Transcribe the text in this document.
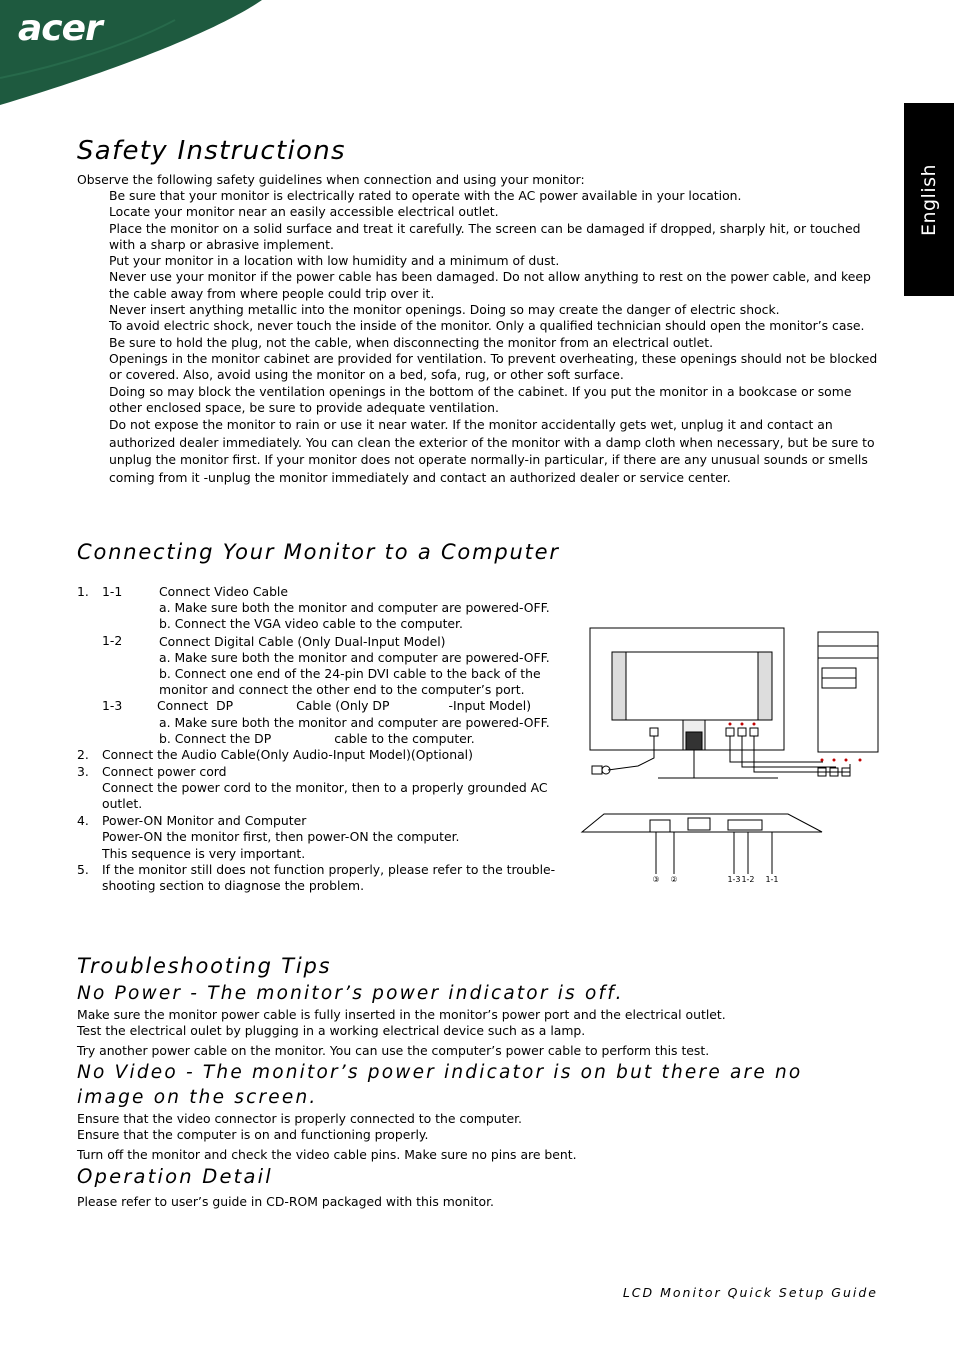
acer
English
Safety Instructions
Observe the following safety guidelines when connection and using your monitor:
Be sure that your monitor is electrically rated to operate with the AC power available in your location.
Locate your monitor near an easily accessible electrical outlet.
Place the monitor on a solid surface and treat it carefully. The screen can be damaged if dropped, sharply hit, or touched with a sharp or abrasive implement.
Put your monitor in a location with low humidity and a minimum of dust.
Never use your monitor if the power cable has been damaged. Do not allow anything to rest on the power cable, and keep the cable away from where people could trip over it.
Never insert anything metallic into the monitor openings. Doing so may create the danger of electric shock.
To avoid electric shock, never touch the inside of the monitor. Only a qualified technician should open the monitor’s case.
Be sure to hold the plug, not the cable, when disconnecting the monitor from an electrical outlet.
Openings in the monitor cabinet are provided for ventilation. To prevent overheating, these openings should not be blocked or covered. Also, avoid using the monitor on a bed, sofa, rug, or other soft surface.
Doing so may block the ventilation openings in the bottom of the cabinet. If you put the monitor in a bookcase or some other enclosed space, be sure to provide adequate ventilation.
Do not expose the monitor to rain or use it near water. If the monitor accidentally gets wet, unplug it and contact an authorized dealer immediately. You can clean the exterior of the monitor with a damp cloth when necessary, but be sure to unplug the monitor first. If your monitor does not operate normally-in particular, if there are any unusual sounds or smells coming from it -unplug the monitor immediately and contact an authorized dealer or service center.
Connecting Your Monitor to a Computer
1. 1-1	Connect Video Cable
a. Make sure both the monitor and computer are powered-OFF.
b. Connect the VGA video cable to the computer.
1-2	Connect Digital Cable (Only Dual-Input Model)
a. Make sure both the monitor and computer are powered-OFF.
b. Connect one end of the 24-pin DVI cable to the back of the
monitor and connect the other end to the computer’s port.
1-3	Connect  DP                Cable (Only DP               -Input Model)
a. Make sure both the monitor and computer are powered-OFF.
b. Connect the DP                cable to the computer.
2. Connect the Audio Cable(Only Audio-Input Model)(Optional)
3. Connect power cord
Connect the power cord to the monitor, then to a properly grounded AC
outlet.
4. Power-ON Monitor and Computer
Power-ON the monitor first, then power-ON the computer.
This sequence is very important.
5. If the monitor still does not function properly, please refer to the trouble-
shooting section to diagnose the problem.	③ ②	1-3 1-2 1-1
Troubleshooting Tips
No Power - The monitor’s power indicator is off.
Make sure the monitor power cable is fully inserted in the monitor’s power port and the electrical outlet.
Test the electrical oulet by plugging in a working electrical device such as a lamp.
Try another power cable on the monitor. You can use the computer’s power cable to perform this test.
No Video - The monitor’s power indicator is on but there are no image on the screen.
Ensure that the video connector is properly connected to the computer.
Ensure that the computer is on and functioning properly.
Turn off the monitor and check the video cable pins. Make sure no pins are bent.
Operation Detail
Please refer to user’s guide in CD-ROM packaged with this monitor.
LCD Monitor Quick Setup Guide
